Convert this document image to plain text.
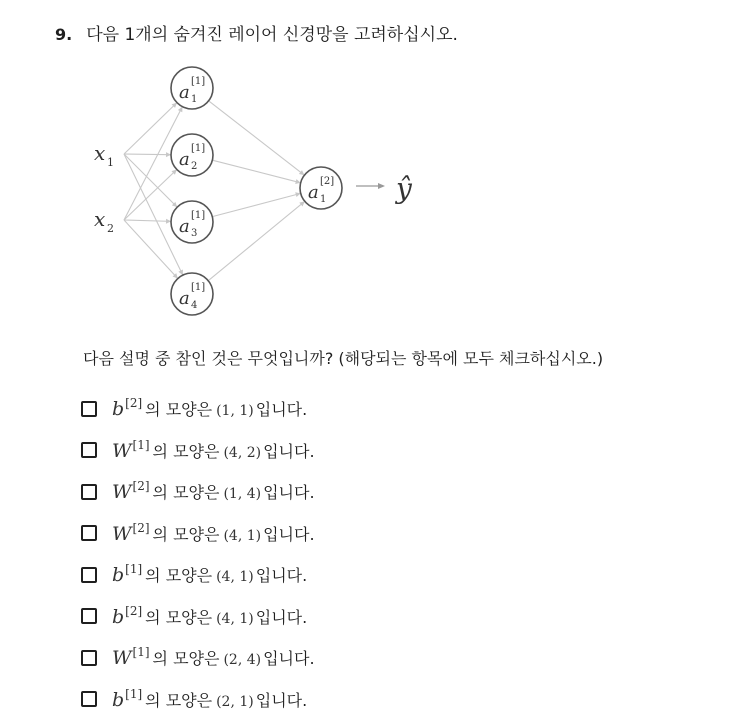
9. 다음 1개의 숨겨진 레이어 신경망을 고려하십시오.
x 1
x 2
a
[1]
1
a
[1]
2
a
[1]
3
a
[1]
4
a
[2]
1 ŷ
다음 설명 중 참인 것은 무엇입니까? (해당되는 항목에 모두 체크하십시오.)
b [2] 의 모양은 (1, 1) 입니다.
W [1] 의 모양은 (4, 2) 입니다.
W [2] 의 모양은 (1, 4) 입니다.
W [2] 의 모양은 (4, 1) 입니다.
b [1] 의 모양은 (4, 1) 입니다.
b [2] 의 모양은 (4, 1) 입니다.
W [1] 의 모양은 (2, 4) 입니다.
b [1] 의 모양은 (2, 1) 입니다.
